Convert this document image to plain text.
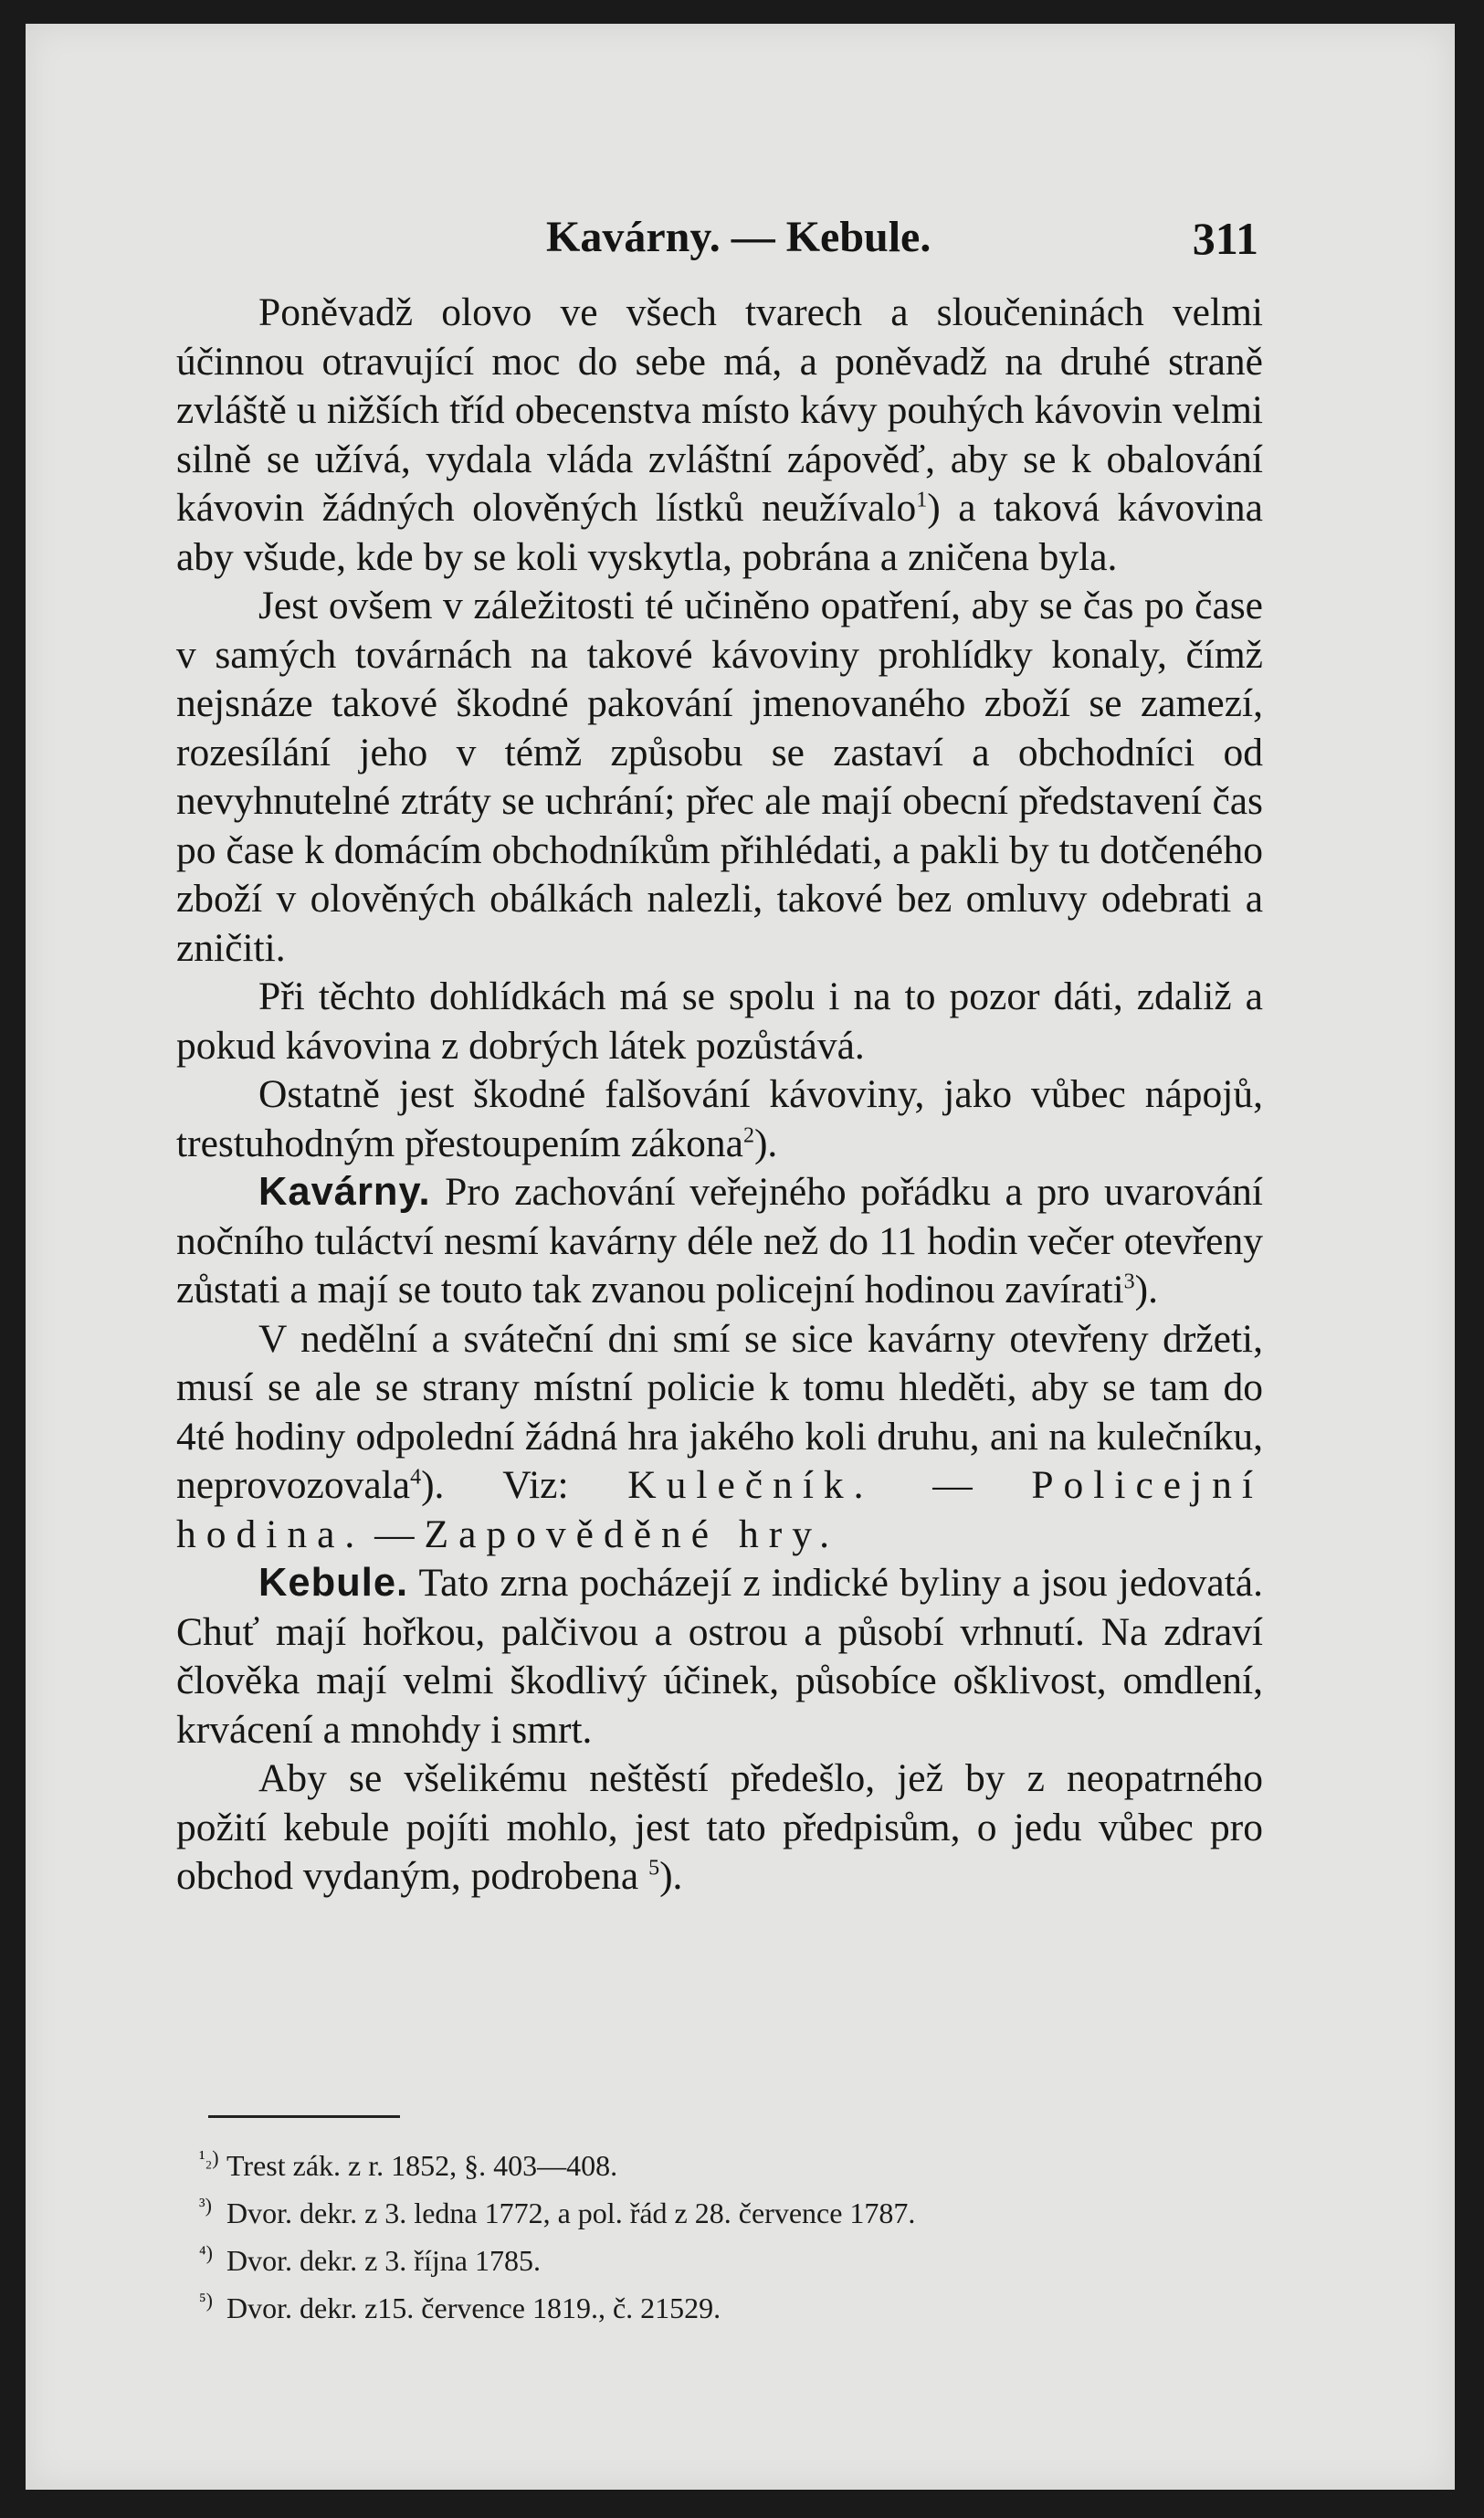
Kavárny. — Kebule.	311

Poněvadž olovo ve všech tvarech a sloučeninách velmi účinnou otravující moc do sebe má, a poněvadž na druhé straně zvláště u nižších tříd obecenstva místo kávy pouhých kávovin velmi silně se užívá, vydala vláda zvláštní zápověď, aby se k obalování kávovin žádných olověných lístků neužívalo$^1$) a taková kávovina aby všude, kde by se koli vyskytla, pobrána a zničena byla.

Jest ovšem v záležitosti té učiněno opatření, aby se čas po čase v samých továrnách na takové kávoviny prohlídky konaly, čímž nejsnáze takové škodné pakování jmenovaného zboží se zamezí, rozesílání jeho v témž způsobu se zastaví a obchodníci od nevyhnutelné ztráty se uchrání; přec ale mají obecní představení čas po čase k domácím obchodníkům přihlédati, a pakli by tu dotčeného zboží v olověných obálkách nalezli, takové bez omluvy odebrati a zničiti.

Při těchto dohlídkách má se spolu i na to pozor dáti, zdaliž a pokud kávovina z dobrých látek pozůstává.

Ostatně jest škodné falšování kávoviny, jako vůbec nápojů, trestuhodným přestoupením zákona$^2$).

Kavárny. Pro zachování veřejného pořádku a pro uvarování nočního tuláctví nesmí kavárny déle než do 11 hodin večer otevřeny zůstati a mají se touto tak zvanou policejní hodinou zavírati$^3$).

V nedělní a sváteční dni smí se sice kavárny otevřeny držeti, musí se ale se strany místní policie k tomu hleděti, aby se tam do 4té hodiny odpolední žádná hra jakého koli druhu, ani na kulečníku, neprovozovala$^4$). Viz: Kulečník. — Policejní hodina. — Zapověděné hry.

Kebule. Tato zrna pocházejí z indické byliny a jsou jedovatá. Chuť mají hořkou, palčivou a ostrou a působí vrhnutí. Na zdraví člověka mají velmi škodlivý účinek, působíce ošklivost, omdlení, krvácení a mnohdy i smrt.

Aby se všelikému neštěstí předešlo, jež by z neopatrného požití kebule pojíti mohlo, jest tato předpisům, o jedu vůbec pro obchod vydaným, podrobena $^5$).

¹₂) Trest zák. z r. 1852, §. 403—408.
³) Dvor. dekr. z 3. ledna 1772, a pol. řád z 28. července 1787.
⁴) Dvor. dekr. z 3. října 1785.
⁵) Dvor. dekr. z15. července 1819., č. 21529.
